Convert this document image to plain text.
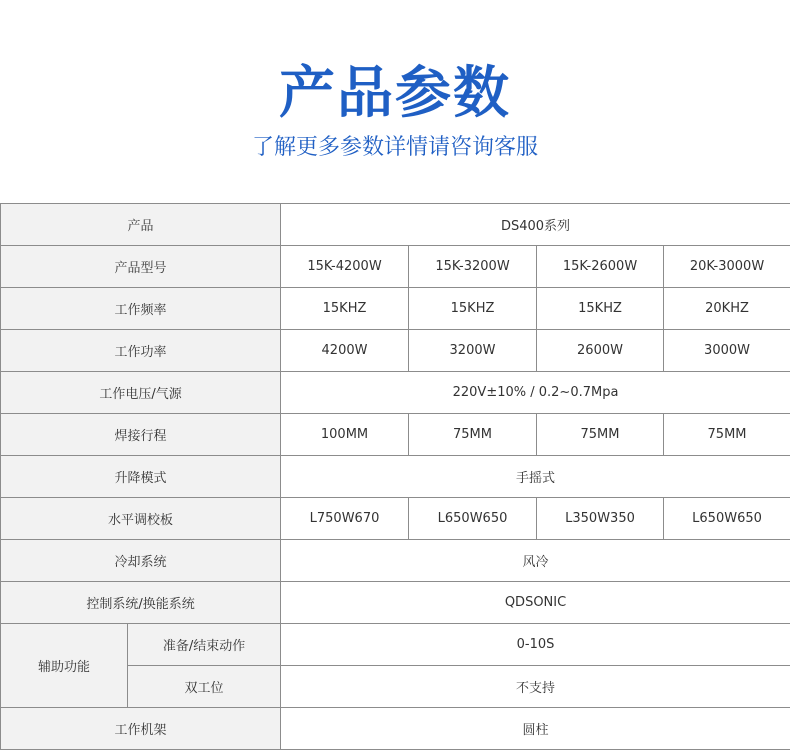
产品参数
了解更多参数详情请咨询客服
产品		DS400系列			
产品型号		15K-4200W	15K-3200W	15K-2600W	20K-3000W
工作频率		15KHZ	15KHZ	15KHZ	20KHZ
工作功率		4200W	3200W	2600W	3000W
工作电压/气源		220V±10% / 0.2~0.7Mpa			
焊接行程		100MM	75MM	75MM	75MM
升降模式		手摇式			
水平调校板		L750W670	L650W650	L350W350	L650W650
冷却系统		风冷			
控制系统/换能系统		QDSONIC			
辅助功能	准备/结束动作	0-10S			
	双工位	不支持			
工作机架		圆柱			
